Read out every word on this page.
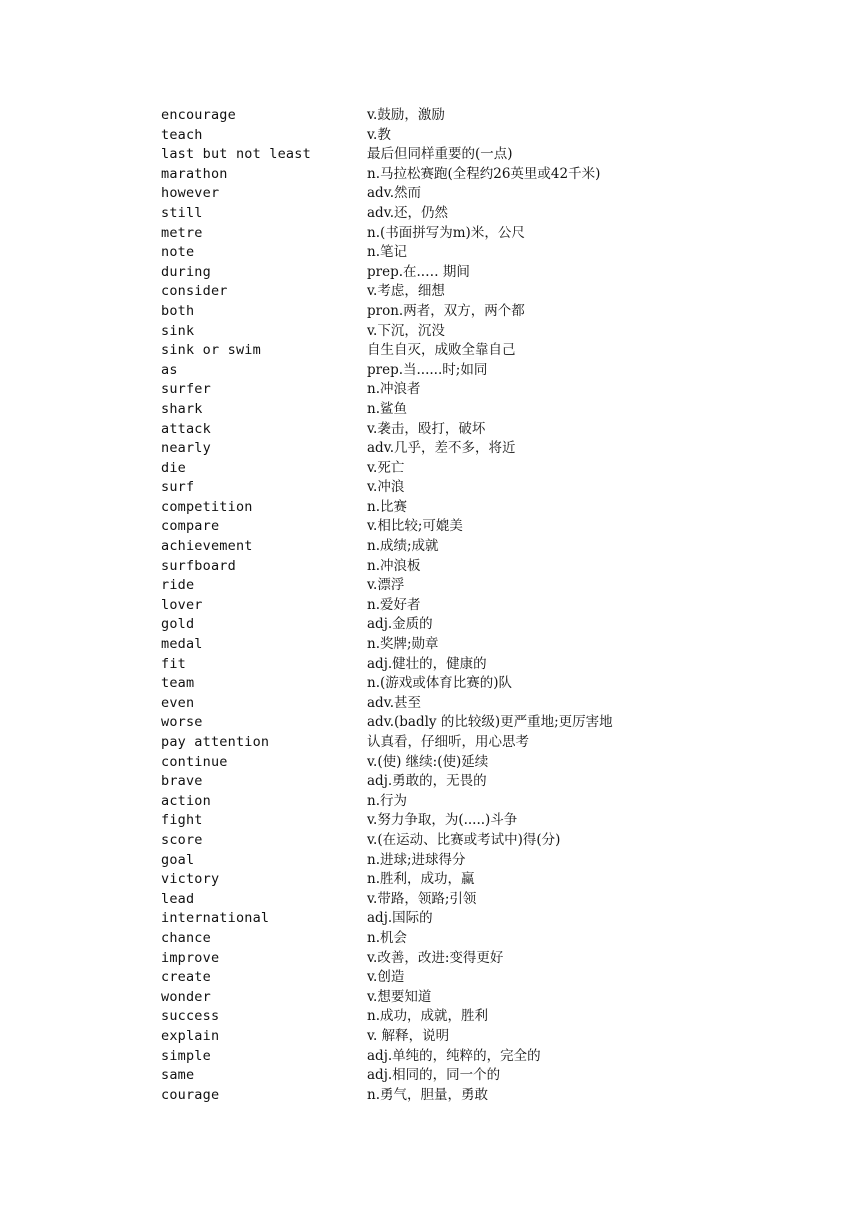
encourage	v.鼓励，激励
teach	v.教
last but not least	最后但同样重要的(一点)
marathon	n.马拉松赛跑(全程约26英里或42千米)
however	adv.然而
still	adv.还，仍然
metre	n.(书面拼写为m)米，公尺
note	n.笔记
during	prep.在..… 期间
consider	v.考虑，细想
both	pron.两者，双方，两个都
sink	v.下沉，沉没
sink or swim	自生自灭，成败全靠自己
as	prep.当......时;如同
surfer	n.冲浪者
shark	n.鲨鱼
attack	v.袭击，殴打，破坏
nearly	adv.几乎，差不多，将近
die	v.死亡
surf	v.冲浪
competition	n.比赛
compare	v.相比较;可媲美
achievement	n.成绩;成就
surfboard	n.冲浪板
ride	v.漂浮
lover	n.爱好者
gold	adj.金质的
medal	n.奖牌;勋章
fit	adj.健壮的，健康的
team	n.(游戏或体育比赛的)队
even	adv.甚至
worse	adv.(badly 的比较级)更严重地;更厉害地
pay attention	认真看，仔细听，用心思考
continue	v.(使) 继续:(使)延续
brave	adj.勇敢的，无畏的
action	n.行为
fight	v.努力争取，为(.....)斗争
score	v.(在运动、比赛或考试中)得(分)
goal	n.进球;进球得分
victory	n.胜利，成功，赢
lead	v.带路，领路;引领
international	adj.国际的
chance	n.机会
improve	v.改善，改进:变得更好
create	v.创造
wonder	v.想要知道
success	n.成功，成就，胜利
explain	v. 解释，说明
simple	adj.单纯的，纯粹的，完全的
same	adj.相同的，同一个的
courage	n.勇气，胆量，勇敢
